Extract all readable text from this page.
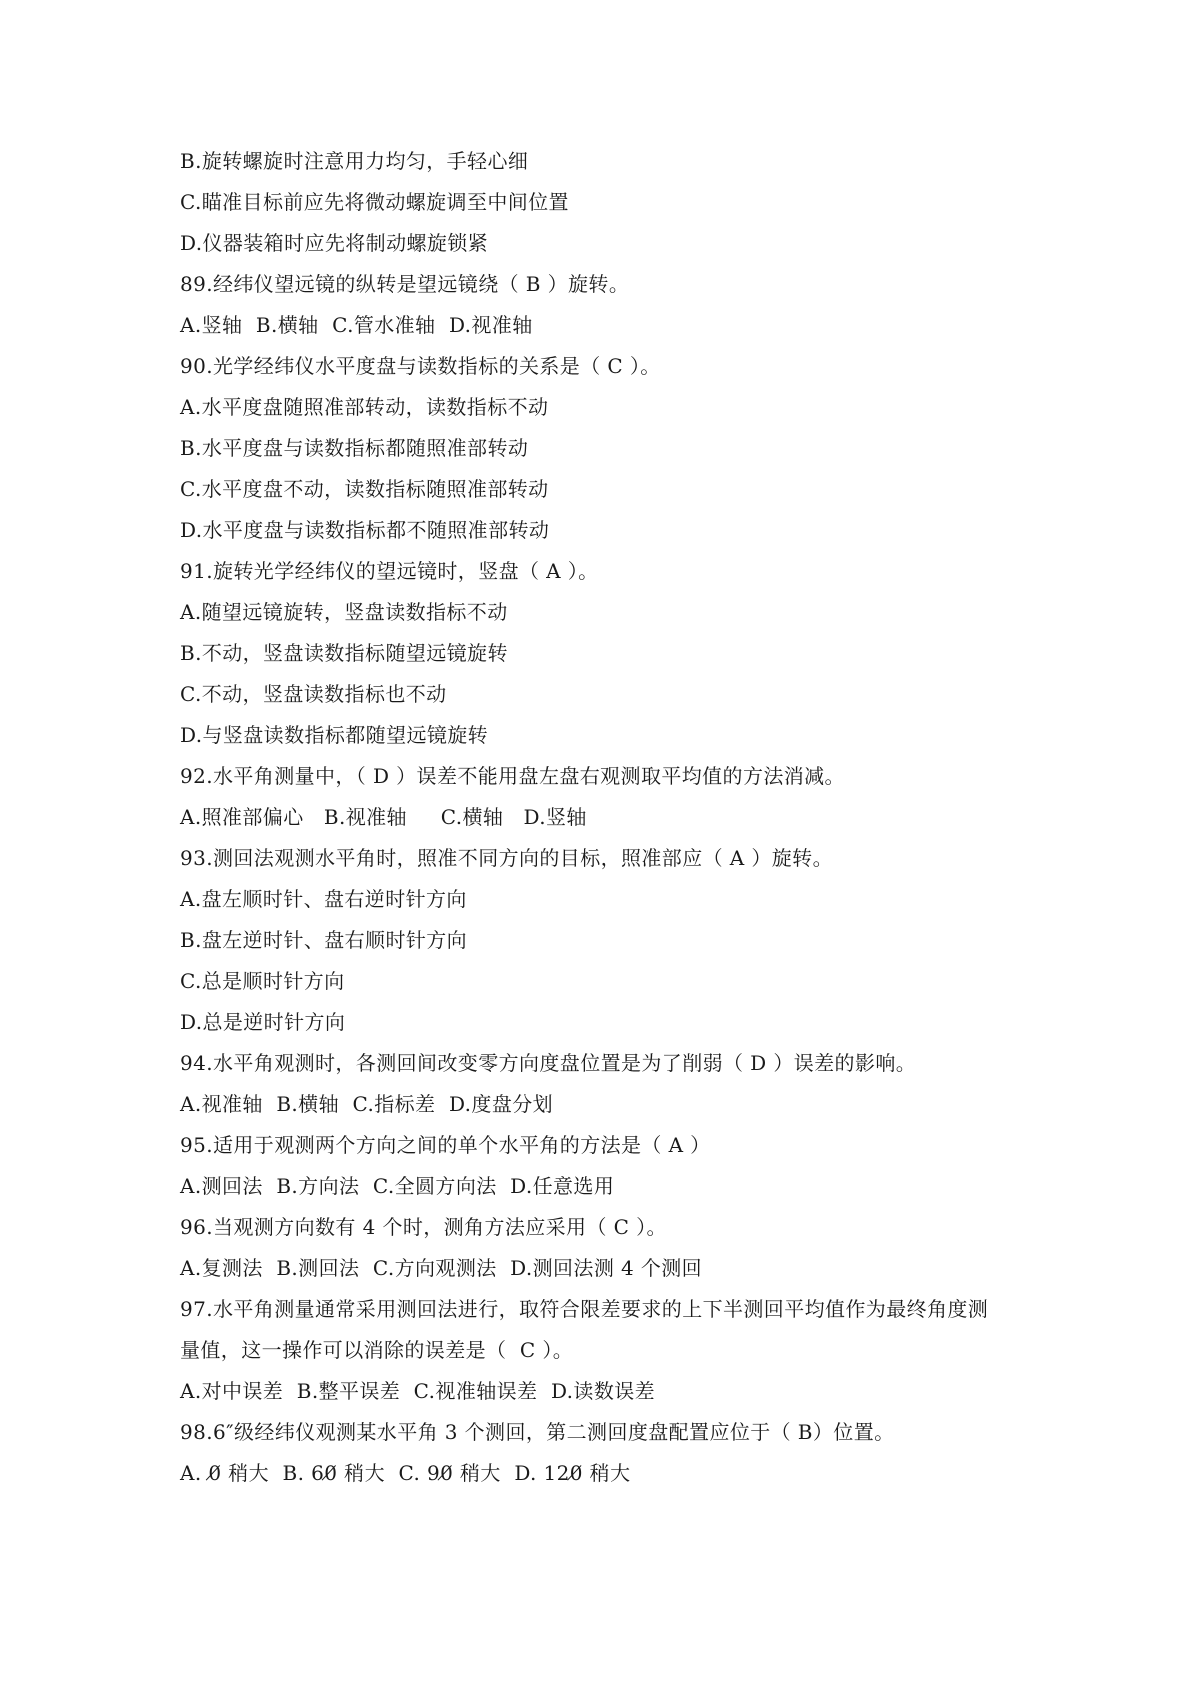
B.旋转螺旋时注意用力均匀，手轻心细
C.瞄准目标前应先将微动螺旋调至中间位置
D.仪器装箱时应先将制动螺旋锁紧
89.经纬仪望远镜的纵转是望远镜绕（ B ）旋转。
A.竖轴  B.横轴  C.管水准轴  D.视准轴
90.光学经纬仪水平度盘与读数指标的关系是（ C ）。
A.水平度盘随照准部转动，读数指标不动
B.水平度盘与读数指标都随照准部转动
C.水平度盘不动，读数指标随照准部转动
D.水平度盘与读数指标都不随照准部转动
91.旋转光学经纬仪的望远镜时，竖盘（ A ）。
A.随望远镜旋转，竖盘读数指标不动
B.不动，竖盘读数指标随望远镜旋转
C.不动，竖盘读数指标也不动
D.与竖盘读数指标都随望远镜旋转
92.水平角测量中，（ D ）误差不能用盘左盘右观测取平均值的方法消减。
A.照准部偏心   B.视准轴     C.横轴   D.竖轴
93.测回法观测水平角时，照准不同方向的目标，照准部应（ A ）旋转。
A.盘左顺时针、盘右逆时针方向
B.盘左逆时针、盘右顺时针方向
C.总是顺时针方向
D.总是逆时针方向
94.水平角观测时，各测回间改变零方向度盘位置是为了削弱（ D ）误差的影响。
A.视准轴  B.横轴  C.指标差  D.度盘分划
95.适用于观测两个方向之间的单个水平角的方法是（ A ）
A.测回法  B.方向法  C.全圆方向法  D.任意选用
96.当观测方向数有 4 个时，测角方法应采用（ C ）。
A.复测法  B.测回法  C.方向观测法  D.测回法测 4 个测回
97.水平角测量通常采用测回法进行，取符合限差要求的上下半测回平均值作为最终角度测
量值，这一操作可以消除的误差是（  C ）。
A.对中误差  B.整平误差  C.视准轴误差  D.读数误差
98.6″级经纬仪观测某水平角 3 个测回，第二测回度盘配置应位于（ B）位置。
A. 0̸ 稍大  B. 60̸ 稍大  C. 90̸ 稍大  D. 120̸ 稍大
